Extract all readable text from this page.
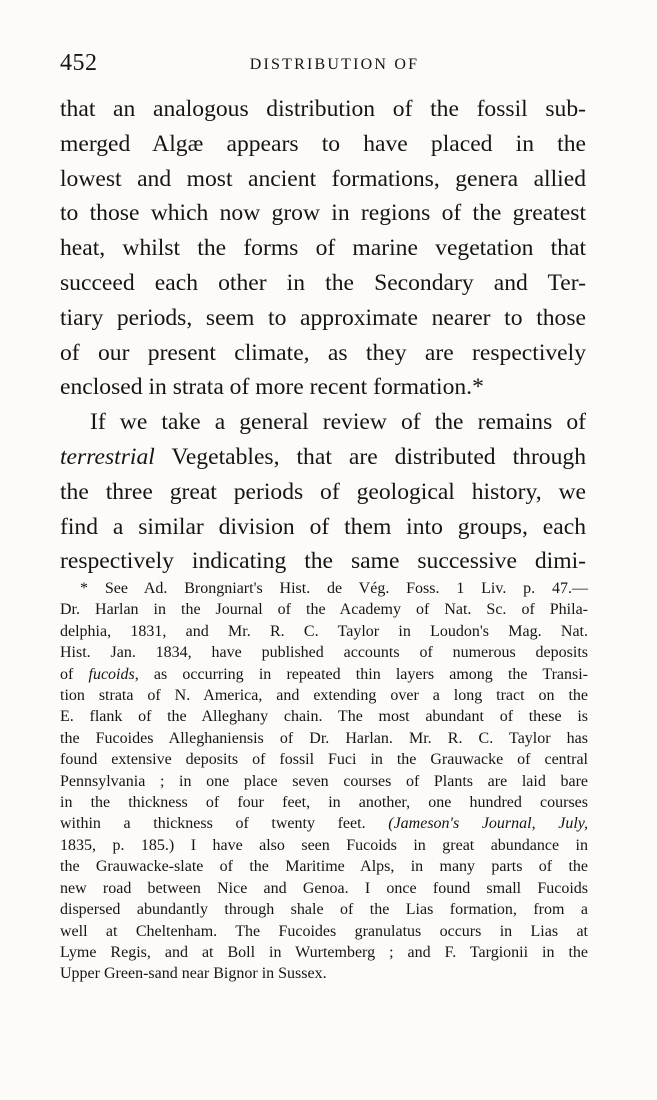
452	DISTRIBUTION OF
that an analogous distribution of the fossil sub-
merged Algæ appears to have placed in the
lowest and most ancient formations, genera allied
to those which now grow in regions of the greatest
heat, whilst the forms of marine vegetation that
succeed each other in the Secondary and Ter-
tiary periods, seem to approximate nearer to those
of our present climate, as they are respectively
enclosed in strata of more recent formation.*
If we take a general review of the remains of
terrestrial Vegetables, that are distributed through
the three great periods of geological history, we
find a similar division of them into groups, each
respectively indicating the same successive dimi-
* See Ad. Brongniart's Hist. de Vég. Foss. 1 Liv. p. 47.—
Dr. Harlan in the Journal of the Academy of Nat. Sc. of Phila-
delphia, 1831, and Mr. R. C. Taylor in Loudon's Mag. Nat.
Hist. Jan. 1834, have published accounts of numerous deposits
of fucoids, as occurring in repeated thin layers among the Transi-
tion strata of N. America, and extending over a long tract on the
E. flank of the Alleghany chain. The most abundant of these is
the Fucoides Alleghaniensis of Dr. Harlan. Mr. R. C. Taylor has
found extensive deposits of fossil Fuci in the Grauwacke of central
Pennsylvania ; in one place seven courses of Plants are laid bare
in the thickness of four feet, in another, one hundred courses
within a thickness of twenty feet. (Jameson's Journal, July,
1835, p. 185.) I have also seen Fucoids in great abundance in
the Grauwacke-slate of the Maritime Alps, in many parts of the
new road between Nice and Genoa. I once found small Fucoids
dispersed abundantly through shale of the Lias formation, from a
well at Cheltenham. The Fucoides granulatus occurs in Lias at
Lyme Regis, and at Boll in Wurtemberg ; and F. Targionii in the
Upper Green-sand near Bignor in Sussex.
